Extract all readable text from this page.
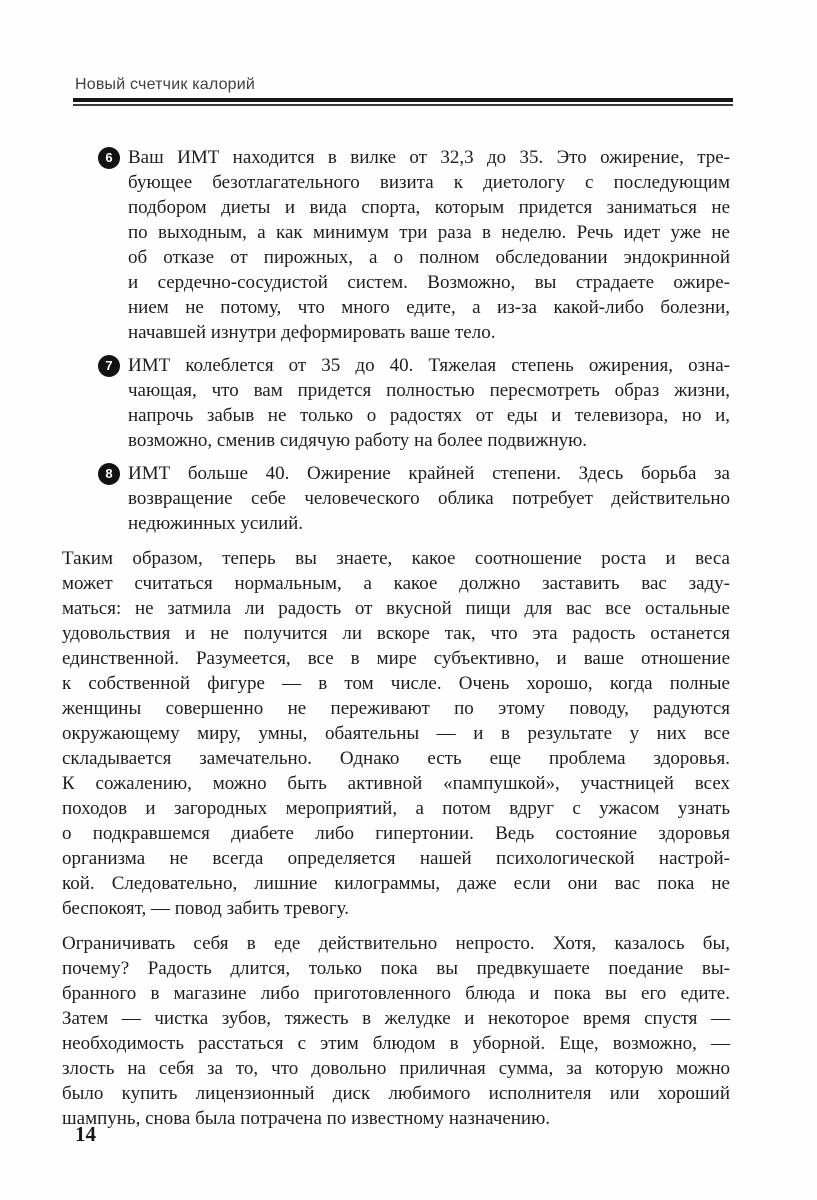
Новый счетчик калорий
6 Ваш ИМТ находится в вилке от 32,3 до 35. Это ожирение, тре-
бующее безотлагательного визита к диетологу с последующим
подбором диеты и вида спорта, которым придется заниматься не
по выходным, а как минимум три раза в неделю. Речь идет уже не
об отказе от пирожных, а о полном обследовании эндокринной
и сердечно-сосудистой систем. Возможно, вы страдаете ожире-
нием не потому, что много едите, а из-за какой-либо болезни,
начавшей изнутри деформировать ваше тело.
7 ИМТ колеблется от 35 до 40. Тяжелая степень ожирения, озна-
чающая, что вам придется полностью пересмотреть образ жизни,
напрочь забыв не только о радостях от еды и телевизора, но и,
возможно, сменив сидячую работу на более подвижную.
8 ИМТ больше 40. Ожирение крайней степени. Здесь борьба за
возвращение себе человеческого облика потребует действительно
недюжинных усилий.
Таким образом, теперь вы знаете, какое соотношение роста и веса
может считаться нормальным, а какое должно заставить вас заду-
маться: не затмила ли радость от вкусной пищи для вас все остальные
удовольствия и не получится ли вскоре так, что эта радость останется
единственной. Разумеется, все в мире субъективно, и ваше отношение
к собственной фигуре — в том числе. Очень хорошо, когда полные
женщины совершенно не переживают по этому поводу, радуются
окружающему миру, умны, обаятельны — и в результате у них все
складывается замечательно. Однако есть еще проблема здоровья.
К сожалению, можно быть активной «пампушкой», участницей всех
походов и загородных мероприятий, а потом вдруг с ужасом узнать
о подкравшемся диабете либо гипертонии. Ведь состояние здоровья
организма не всегда определяется нашей психологической настрой-
кой. Следовательно, лишние килограммы, даже если они вас пока не
беспокоят, — повод забить тревогу.
Ограничивать себя в еде действительно непросто. Хотя, казалось бы,
почему? Радость длится, только пока вы предвкушаете поедание вы-
бранного в магазине либо приготовленного блюда и пока вы его едите.
Затем — чистка зубов, тяжесть в желудке и некоторое время спустя —
необходимость расстаться с этим блюдом в уборной. Еще, возможно, —
злость на себя за то, что довольно приличная сумма, за которую можно
было купить лицензионный диск любимого исполнителя или хороший
шампунь, снова была потрачена по известному назначению.
14
